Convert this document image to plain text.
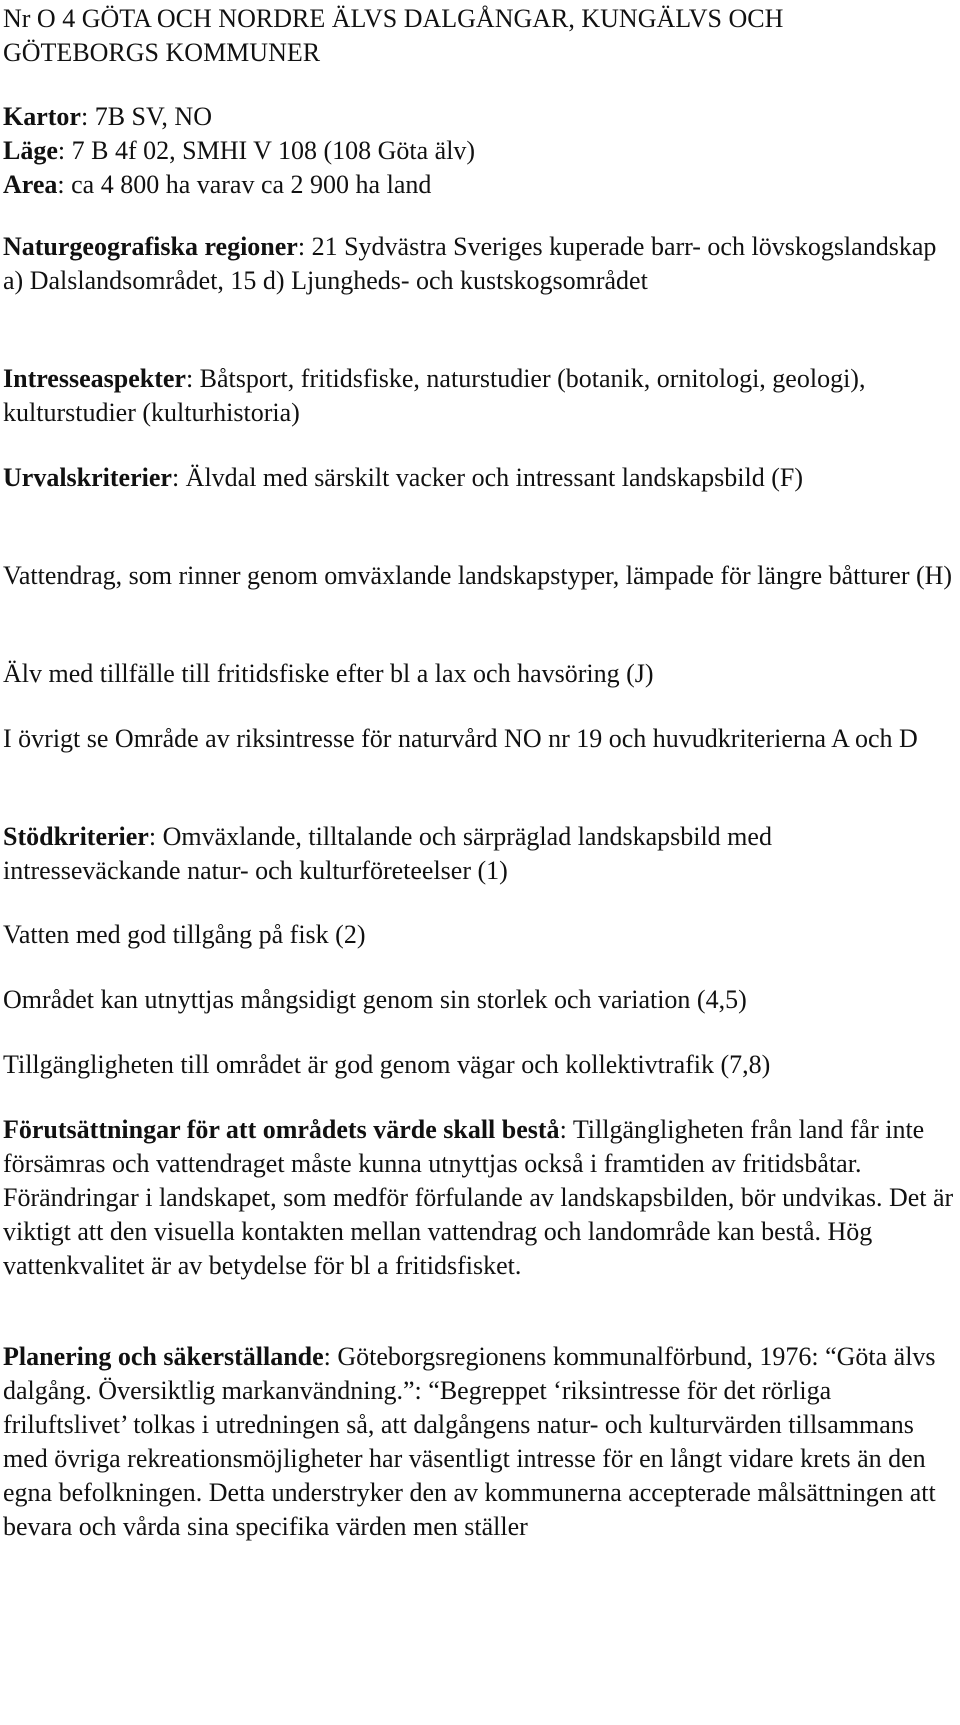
Nr O 4 GÖTA OCH NORDRE ÄLVS DALGÅNGAR, KUNGÄLVS OCH
GÖTEBORGS KOMMUNER
Kartor: 7B SV, NO
Läge: 7 B 4f 02, SMHI V 108 (108 Göta älv)
Area: ca 4 800 ha varav ca 2 900 ha land
Naturgeografiska regioner: 21 Sydvästra Sveriges kuperade barr- och lövskogslandskap a) Dalslandsområdet, 15 d) Ljungheds- och kustskogsområdet
Intresseaspekter: Båtsport, fritidsfiske, naturstudier (botanik, ornitologi, geologi), kulturstudier (kulturhistoria)
Urvalskriterier: Älvdal med särskilt vacker och intressant landskapsbild (F)
Vattendrag, som rinner genom omväxlande landskapstyper, lämpade för längre båtturer (H)
Älv med tillfälle till fritidsfiske efter bl a lax och havsöring (J)
I övrigt se Område av riksintresse för naturvård NO nr 19 och huvudkriterierna A och D
Stödkriterier: Omväxlande, tilltalande och särpräglad landskapsbild med intresseväckande natur- och kulturföreteelser (1)
Vatten med god tillgång på fisk (2)
Området kan utnyttjas mångsidigt genom sin storlek och variation (4,5)
Tillgängligheten till området är god genom vägar och kollektivtrafik (7,8)
Förutsättningar för att områdets värde skall bestå: Tillgängligheten från land får inte försämras och vattendraget måste kunna utnyttjas också i framtiden av fritidsbåtar. Förändringar i landskapet, som medför förfulande av landskapsbilden, bör undvikas. Det är viktigt att den visuella kontakten mellan vattendrag och landområde kan bestå. Hög vattenkvalitet är av betydelse för bl a fritidsfisket.
Planering och säkerställande: Göteborgsregionens kommunalförbund, 1976: “Göta älvs dalgång. Översiktlig markanvändning.”: “Begreppet ‘riksintresse för det rörliga friluftslivet’ tolkas i utredningen så, att dalgångens natur- och kulturvärden tillsammans med övriga rekreationsmöjligheter har väsentligt intresse för en långt vidare krets än den egna befolkningen. Detta understryker den av kommunerna accepterade målsättningen att bevara och vårda sina specifika värden men ställer
